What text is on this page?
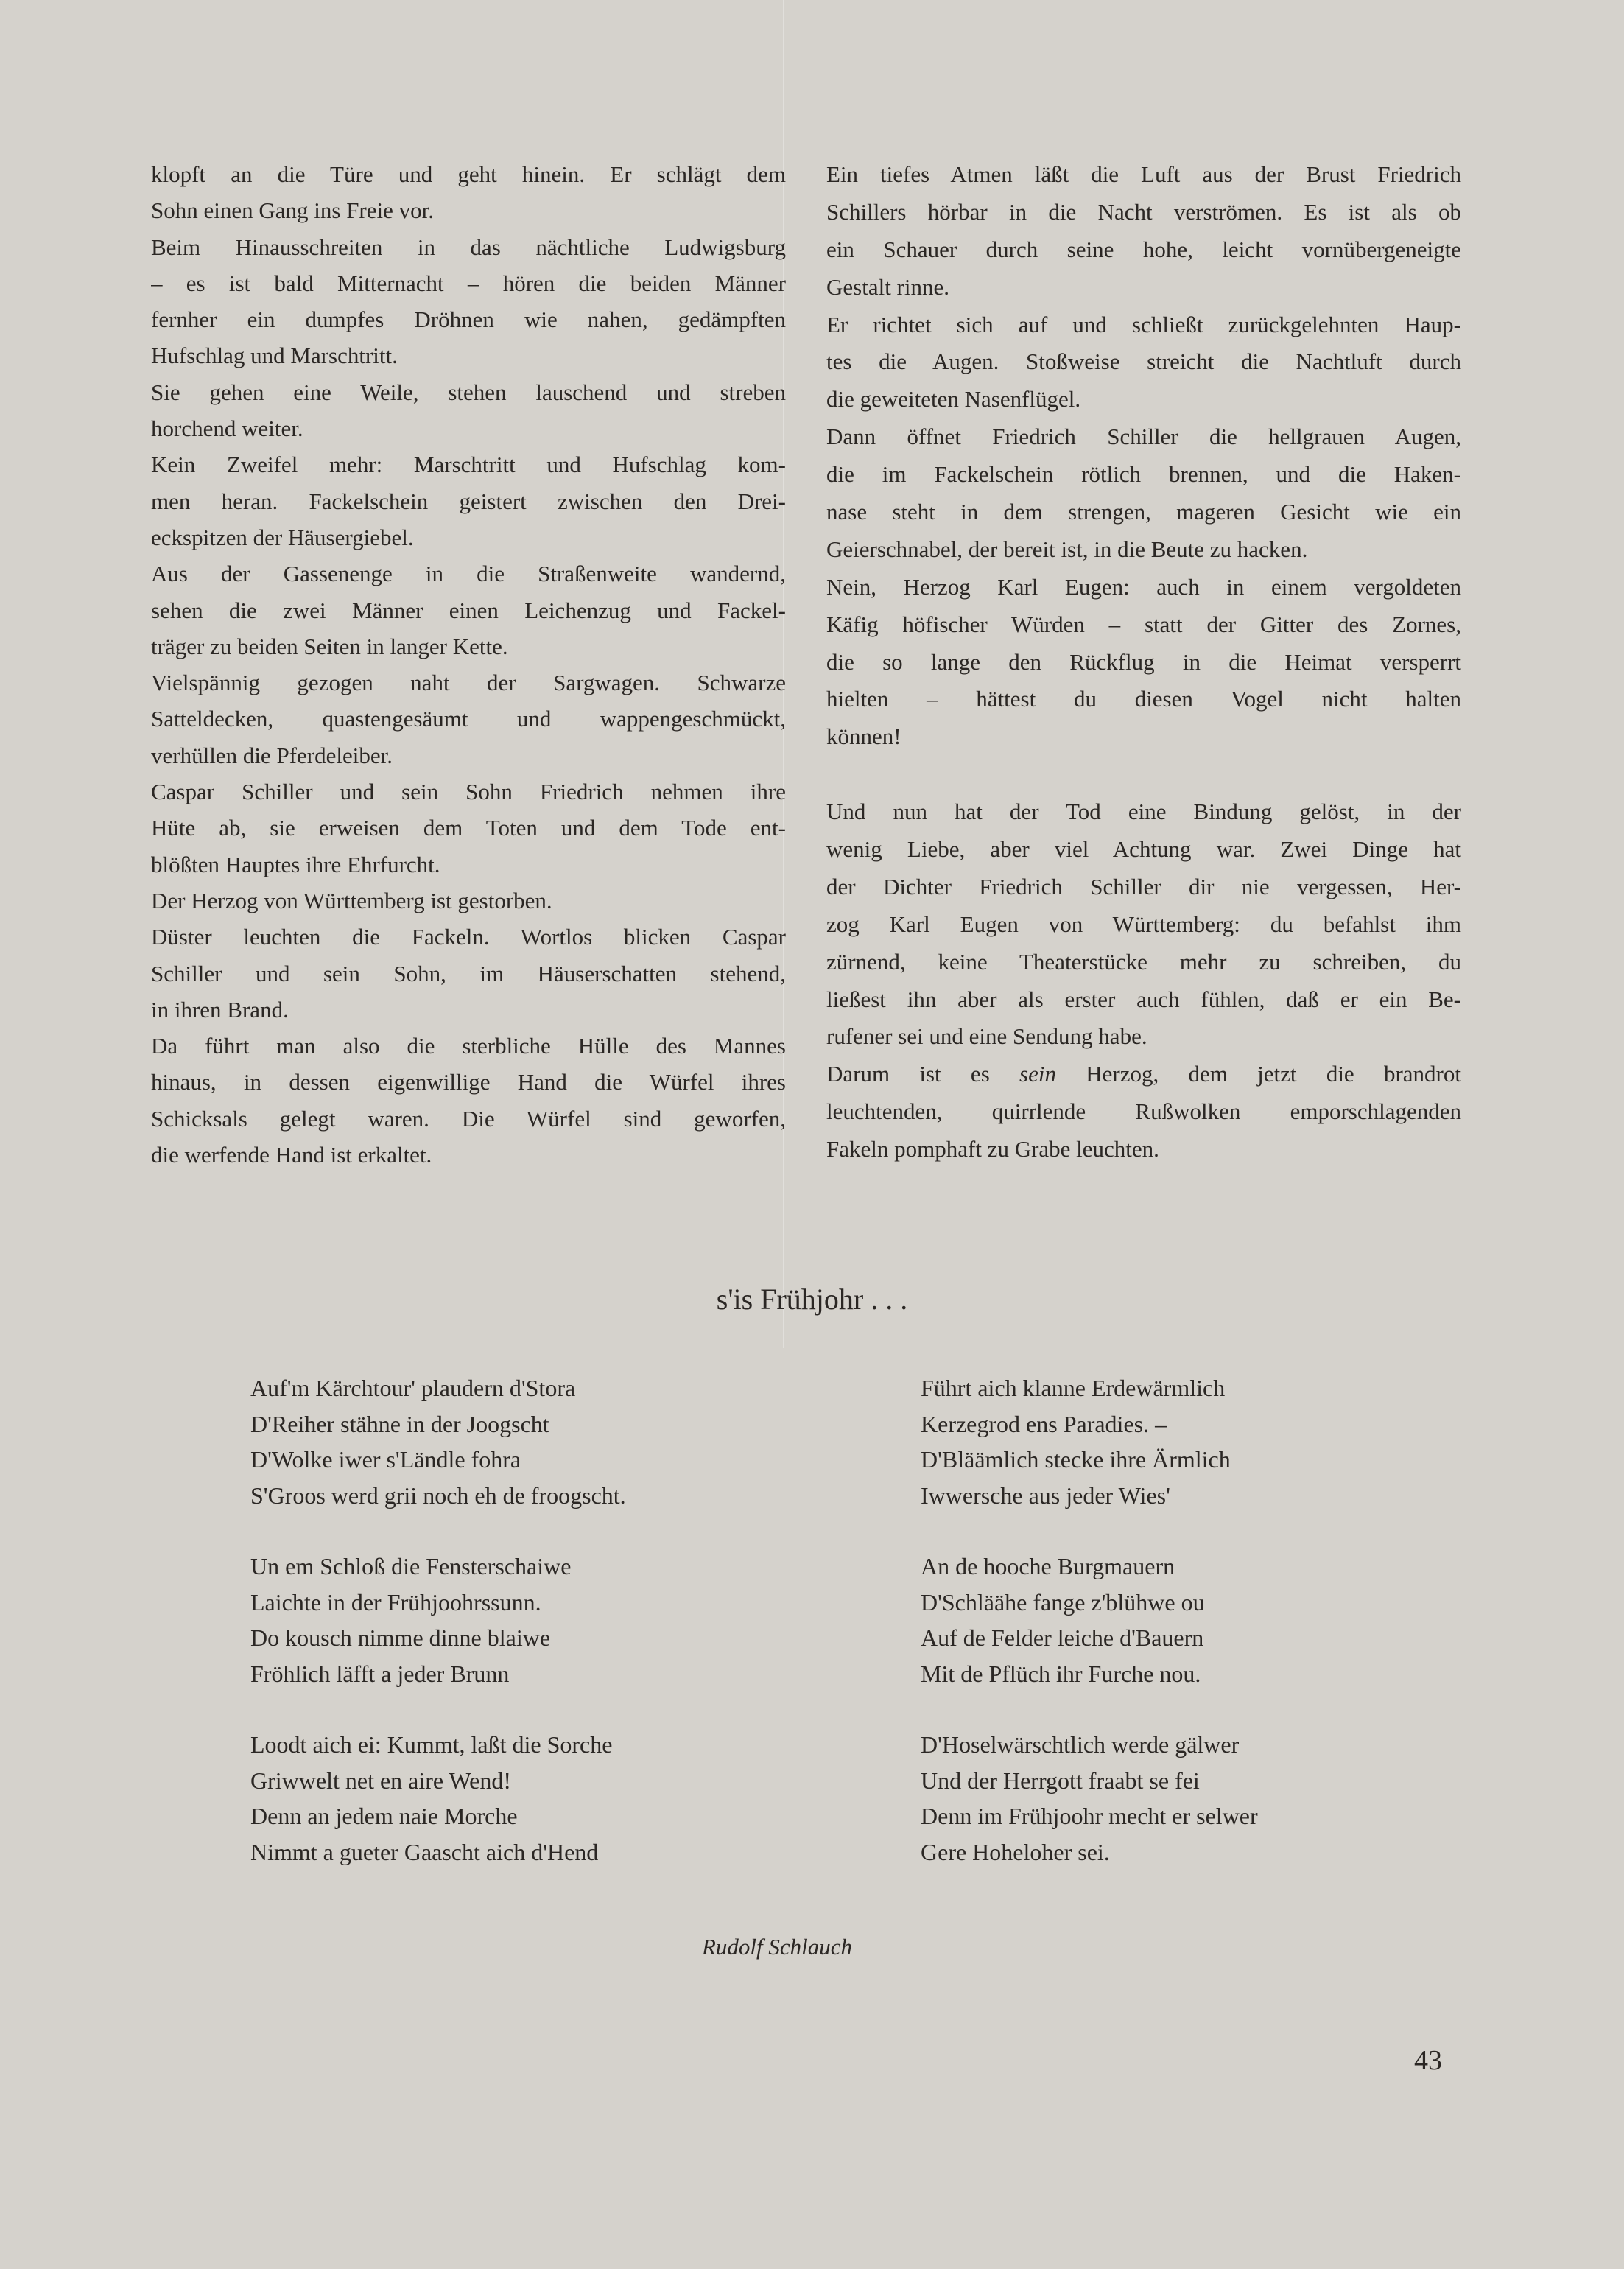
klopft an die Türe und geht hinein. Er schlägt dem
Sohn einen Gang ins Freie vor.
Beim Hinausschreiten in das nächtliche Ludwigsburg
– es ist bald Mitternacht – hören die beiden Männer
fernher ein dumpfes Dröhnen wie nahen, gedämpften
Hufschlag und Marschtritt.
Sie gehen eine Weile, stehen lauschend und streben
horchend weiter.
Kein Zweifel mehr: Marschtritt und Hufschlag kom-
men heran. Fackelschein geistert zwischen den Drei-
eckspitzen der Häusergiebel.
Aus der Gassenenge in die Straßenweite wandernd,
sehen die zwei Männer einen Leichenzug und Fackel-
träger zu beiden Seiten in langer Kette.
Vielspännig gezogen naht der Sargwagen. Schwarze
Satteldecken, quastengesäumt und wappengeschmückt,
verhüllen die Pferdeleiber.
Caspar Schiller und sein Sohn Friedrich nehmen ihre
Hüte ab, sie erweisen dem Toten und dem Tode ent-
blößten Hauptes ihre Ehrfurcht.
Der Herzog von Württemberg ist gestorben.
Düster leuchten die Fackeln. Wortlos blicken Caspar
Schiller und sein Sohn, im Häuserschatten stehend,
in ihren Brand.
Da führt man also die sterbliche Hülle des Mannes
hinaus, in dessen eigenwillige Hand die Würfel ihres
Schicksals gelegt waren. Die Würfel sind geworfen,
die werfende Hand ist erkaltet.
Ein tiefes Atmen läßt die Luft aus der Brust Friedrich
Schillers hörbar in die Nacht verströmen. Es ist als ob
ein Schauer durch seine hohe, leicht vornübergeneigte
Gestalt rinne.
Er richtet sich auf und schließt zurückgelehnten Haup-
tes die Augen. Stoßweise streicht die Nachtluft durch
die geweiteten Nasenflügel.
Dann öffnet Friedrich Schiller die hellgrauen Augen,
die im Fackelschein rötlich brennen, und die Haken-
nase steht in dem strengen, mageren Gesicht wie ein
Geierschnabel, der bereit ist, in die Beute zu hacken.
Nein, Herzog Karl Eugen: auch in einem vergoldeten
Käfig höfischer Würden – statt der Gitter des Zornes,
die so lange den Rückflug in die Heimat versperrt
hielten – hättest du diesen Vogel nicht halten
können!
Und nun hat der Tod eine Bindung gelöst, in der
wenig Liebe, aber viel Achtung war. Zwei Dinge hat
der Dichter Friedrich Schiller dir nie vergessen, Her-
zog Karl Eugen von Württemberg: du befahlst ihm
zürnend, keine Theaterstücke mehr zu schreiben, du
ließest ihn aber als erster auch fühlen, daß er ein Be-
rufener sei und eine Sendung habe.
Darum ist es sein Herzog, dem jetzt die brandrot
leuchtenden, quirrlende Rußwolken emporschlagenden
Fakeln pomphaft zu Grabe leuchten.
s'is Frühjohr . . .
Auf'm Kärchtour' plaudern d'Stora
D'Reiher stähne in der Joogscht
D'Wolke iwer s'Ländle fohra
S'Groos werd grii noch eh de froogscht.
Un em Schloß die Fensterschaiwe
Laichte in der Frühjoohrssunn.
Do kousch nimme dinne blaiwe
Fröhlich läfft a jeder Brunn
Loodt aich ei: Kummt, laßt die Sorche
Griwwelt net en aire Wend!
Denn an jedem naie Morche
Nimmt a gueter Gaascht aich d'Hend
Führt aich klanne Erdewärmlich
Kerzegrod ens Paradies. –
D'Bläämlich stecke ihre Ärmlich
Iwwersche aus jeder Wies'
An de hooche Burgmauern
D'Schläähe fange z'blühwe ou
Auf de Felder leiche d'Bauern
Mit de Pflüch ihr Furche nou.
D'Hoselwärschtlich werde gälwer
Und der Herrgott fraabt se fei
Denn im Frühjoohr mecht er selwer
Gere Hoheloher sei.
Rudolf Schlauch
43
